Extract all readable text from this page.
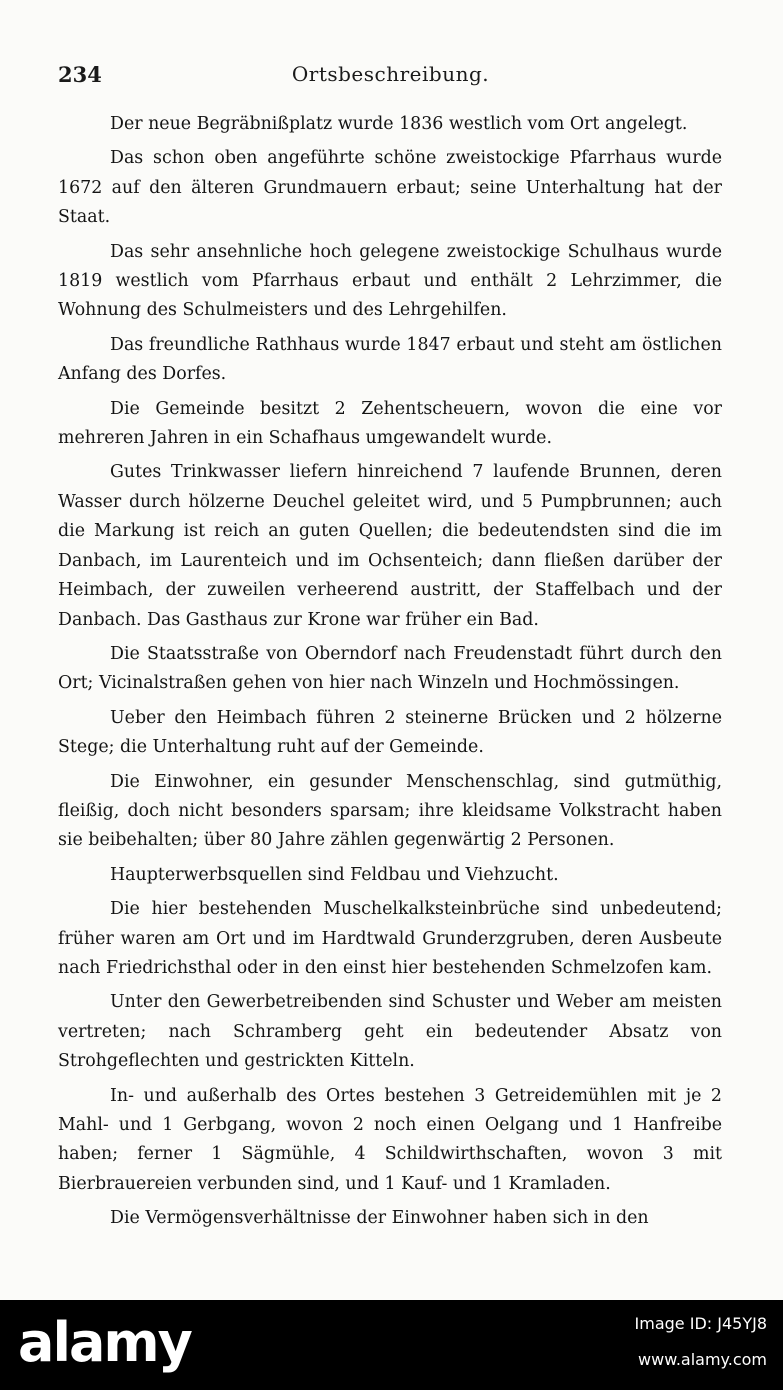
234	Ortsbeschreibung.

Der neue Begräbnißplatz wurde 1836 westlich vom Ort angelegt.

Das schon oben angeführte schöne zweistockige Pfarrhaus wurde 1672 auf den älteren Grundmauern erbaut; seine Unterhaltung hat der Staat.

Das sehr ansehnliche hoch gelegene zweistockige Schulhaus wurde 1819 westlich vom Pfarrhaus erbaut und enthält 2 Lehrzimmer, die Wohnung des Schulmeisters und des Lehrgehilfen.

Das freundliche Rathhaus wurde 1847 erbaut und steht am östlichen Anfang des Dorfes.

Die Gemeinde besitzt 2 Zehentscheuern, wovon die eine vor mehreren Jahren in ein Schafhaus umgewandelt wurde.

Gutes Trinkwasser liefern hinreichend 7 laufende Brunnen, deren Wasser durch hölzerne Deuchel geleitet wird, und 5 Pumpbrunnen; auch die Markung ist reich an guten Quellen; die bedeutendsten sind die im Danbach, im Laurenteich und im Ochsenteich; dann fließen darüber der Heimbach, der zuweilen verheerend austritt, der Staffelbach und der Danbach. Das Gasthaus zur Krone war früher ein Bad.

Die Staatsstraße von Oberndorf nach Freudenstadt führt durch den Ort; Vicinalstraßen gehen von hier nach Winzeln und Hochmössingen.

Ueber den Heimbach führen 2 steinerne Brücken und 2 hölzerne Stege; die Unterhaltung ruht auf der Gemeinde.

Die Einwohner, ein gesunder Menschenschlag, sind gutmüthig, fleißig, doch nicht besonders sparsam; ihre kleidsame Volkstracht haben sie beibehalten; über 80 Jahre zählen gegenwärtig 2 Personen.

Haupterwerbsquellen sind Feldbau und Viehzucht.

Die hier bestehenden Muschelkalksteinbrüche sind unbedeutend; früher waren am Ort und im Hardtwald Grunderzgruben, deren Ausbeute nach Friedrichsthal oder in den einst hier bestehenden Schmelzofen kam.

Unter den Gewerbetreibenden sind Schuster und Weber am meisten vertreten; nach Schramberg geht ein bedeutender Absatz von Strohgeflechten und gestrickten Kitteln.

In- und außerhalb des Ortes bestehen 3 Getreidemühlen mit je 2 Mahl- und 1 Gerbgang, wovon 2 noch einen Oelgang und 1 Hanfreibe haben; ferner 1 Sägmühle, 4 Schildwirthschaften, wovon 3 mit Bierbrauereien verbunden sind, und 1 Kauf- und 1 Kramladen.

Die Vermögensverhältnisse der Einwohner haben sich in den

alamy	Image ID: J45YJ8
www.alamy.com
